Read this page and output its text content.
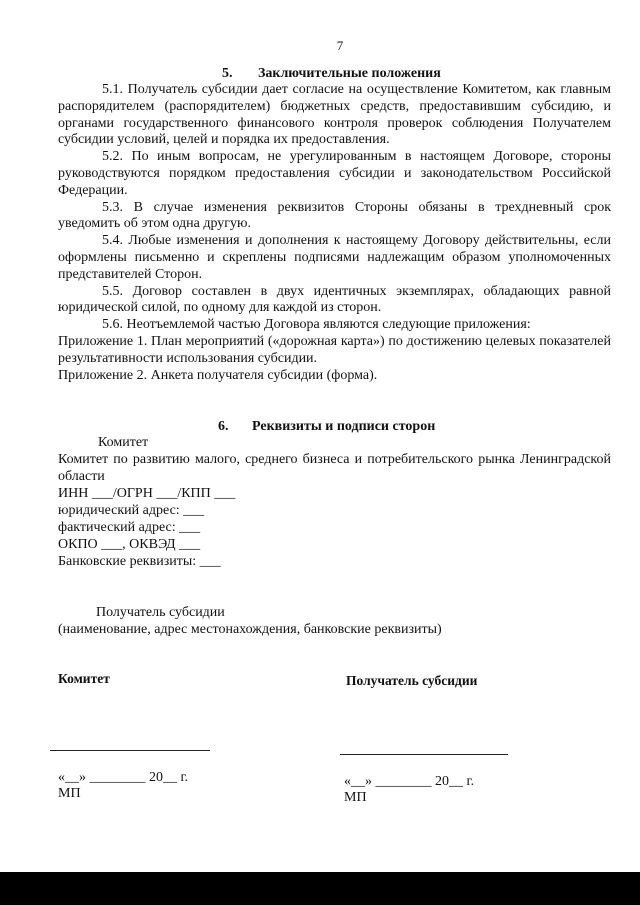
7
5. Заключительные положения

5.1. Получатель субсидии дает согласие на осуществление Комитетом, как главным распорядителем (распорядителем) бюджетных средств, предоставившим субсидию, и органами государственного финансового контроля проверок соблюдения Получателем субсидии условий, целей и порядка их предоставления.

5.2. По иным вопросам, не урегулированным в настоящем Договоре, стороны руководствуются порядком предоставления субсидии и законодательством Российской Федерации.

5.3. В случае изменения реквизитов Стороны обязаны в трехдневный срок уведомить об этом одна другую.

5.4. Любые изменения и дополнения к настоящему Договору действительны, если оформлены письменно и скреплены подписями надлежащим образом уполномоченных представителей Сторон.

5.5. Договор составлен в двух идентичных экземплярах, обладающих равной юридической силой, по одному для каждой из сторон.

5.6. Неотъемлемой частью Договора являются следующие приложения:

Приложение 1. План мероприятий («дорожная карта») по достижению целевых показателей результативности использования субсидии.

Приложение 2. Анкета получателя субсидии (форма).

6. Реквизиты и подписи сторон
Комитет

Комитет по развитию малого, среднего бизнеса и потребительского рынка Ленинградской области

ИНН ___/ОГРН ___/КПП ___
юридический адрес: ___
фактический адрес: ___
ОКПО ___, ОКВЭД ___
Банковские реквизиты: ___
Получатель субсидии
(наименование, адрес местонахождения, банковские реквизиты)
Комитет	Получатель субсидии
«__» ________ 20__ г.
МП
«__» ________ 20__ г.
МП
